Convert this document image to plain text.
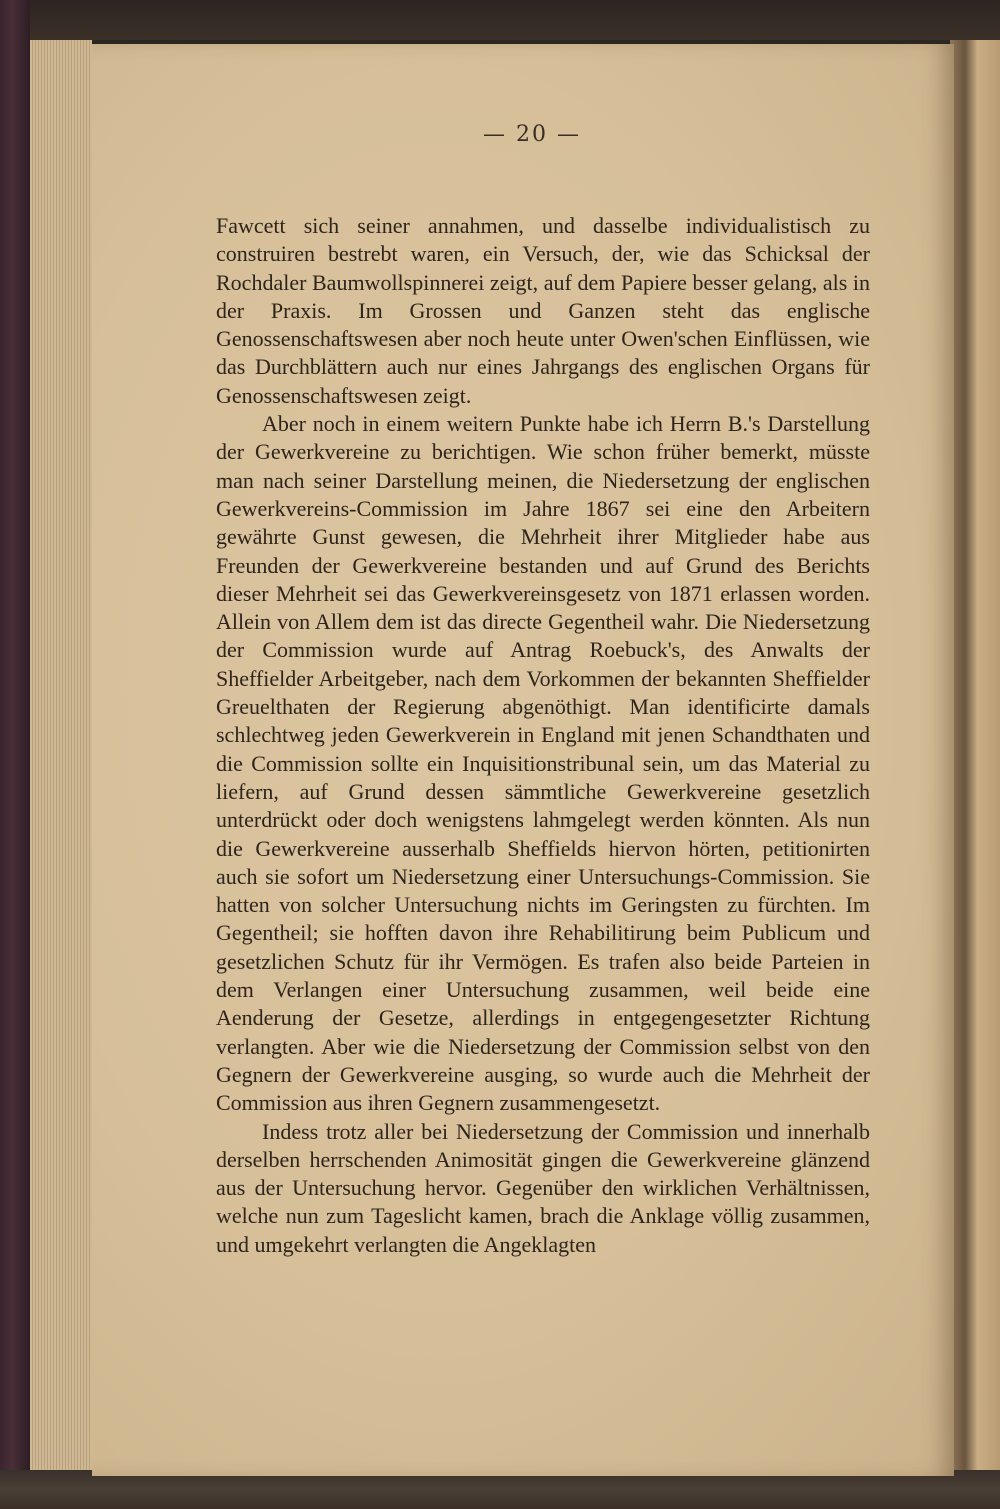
— 20 —

Fawcett sich seiner annahmen, und dasselbe individualistisch zu construiren bestrebt waren, ein Versuch, der, wie das Schicksal der Rochdaler Baumwollspinnerei zeigt, auf dem Papiere besser gelang, als in der Praxis. Im Grossen und Ganzen steht das englische Genossenschaftswesen aber noch heute unter Owen'schen Einflüssen, wie das Durchblättern auch nur eines Jahrgangs des englischen Organs für Genossenschaftswesen zeigt.

Aber noch in einem weitern Punkte habe ich Herrn B.'s Darstellung der Gewerkvereine zu berichtigen. Wie schon früher bemerkt, müsste man nach seiner Darstellung meinen, die Niedersetzung der englischen Gewerkvereins-Commission im Jahre 1867 sei eine den Arbeitern gewährte Gunst gewesen, die Mehrheit ihrer Mitglieder habe aus Freunden der Gewerkvereine bestanden und auf Grund des Berichts dieser Mehrheit sei das Gewerkvereinsgesetz von 1871 erlassen worden. Allein von Allem dem ist das directe Gegentheil wahr. Die Niedersetzung der Commission wurde auf Antrag Roebuck's, des Anwalts der Sheffielder Arbeitgeber, nach dem Vorkommen der bekannten Sheffielder Greuelthaten der Regierung abgenöthigt. Man identificirte damals schlechtweg jeden Gewerkverein in England mit jenen Schandthaten und die Commission sollte ein Inquisitionstribunal sein, um das Material zu liefern, auf Grund dessen sämmtliche Gewerkvereine gesetzlich unterdrückt oder doch wenigstens lahmgelegt werden könnten. Als nun die Gewerkvereine ausserhalb Sheffields hiervon hörten, petitionirten auch sie sofort um Niedersetzung einer Untersuchungs-Commission. Sie hatten von solcher Untersuchung nichts im Geringsten zu fürchten. Im Gegentheil; sie hofften davon ihre Rehabilitirung beim Publicum und gesetzlichen Schutz für ihr Vermögen. Es trafen also beide Parteien in dem Verlangen einer Untersuchung zusammen, weil beide eine Aenderung der Gesetze, allerdings in entgegengesetzter Richtung verlangten. Aber wie die Niedersetzung der Commission selbst von den Gegnern der Gewerkvereine ausging, so wurde auch die Mehrheit der Commission aus ihren Gegnern zusammengesetzt.

Indess trotz aller bei Niedersetzung der Commission und innerhalb derselben herrschenden Animosität gingen die Gewerkvereine glänzend aus der Untersuchung hervor. Gegenüber den wirklichen Verhältnissen, welche nun zum Tageslicht kamen, brach die Anklage völlig zusammen, und umgekehrt verlangten die Angeklagten
